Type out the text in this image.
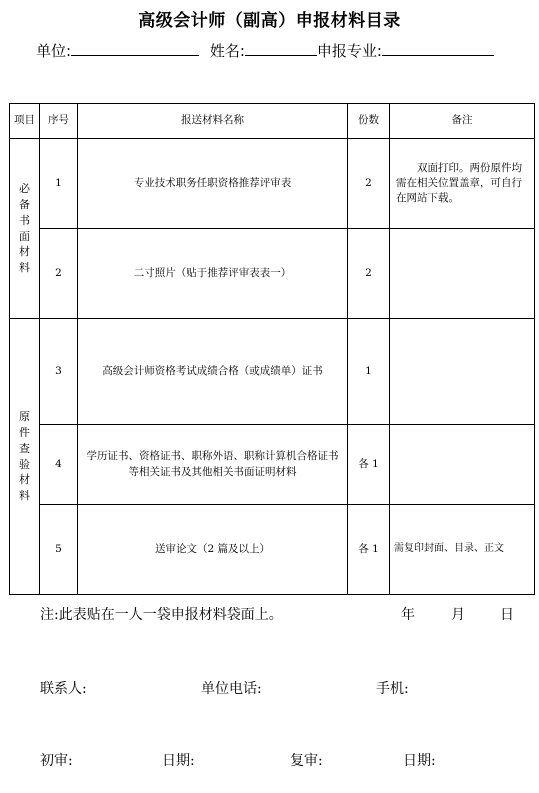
高级会计师（副高）申报材料目录
单位:	姓名:	申报专业:
项目	序号	报送材料名称	份数	备注

必备书面材料	1	专业技术职务任职资格推荐评审表	2	双面打印。两份原件均需在相关位置盖章，可自行在网站下载。

	2	二寸照片（贴于推荐评审表表一）	2	

原件查验材料	3	高级会计师资格考试成绩合格（或成绩单）证书	1	
	4	学历证书、资格证书、职称外语、职称计算机合格证书等相关证书及其他相关书面证明材料	各 1	
	5	送审论文（2 篇及以上）	各 1	需复印封面、目录、正文
注:此表贴在一人一袋申报材料袋面上。	年	月	日
联系人:	单位电话:	手机:
初审:	日期:	复审:	日期:
